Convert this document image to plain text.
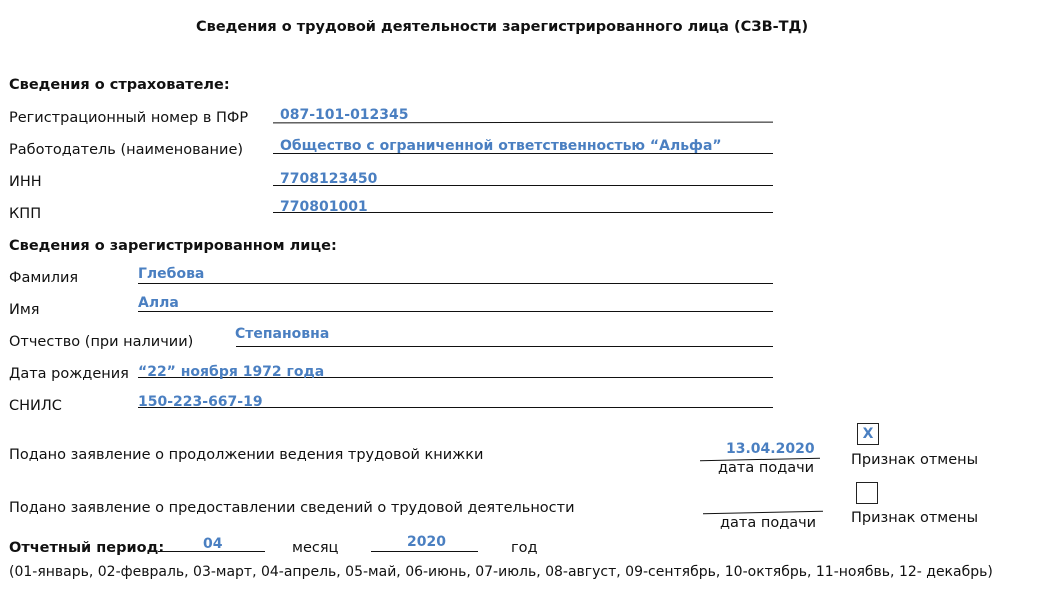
Сведения о трудовой деятельности зарегистрированного лица (СЗВ-ТД)
Сведения о страхователе:
Регистрационный номер в ПФР 087-101-012345
Работодатель (наименование)	Общество с ограниченной ответственностью “Альфа”
ИНН	7708123450
КПП	770801001
Сведения о зарегистрированном лице:
Фамилия	Глебова
Имя	Алла
Отчество (при наличии)	Степановна
Дата рождения “22” ноября 1972 года
СНИЛС	150-223-667-19
Подано заявление о продолжении ведения трудовой книжки	13.04.2020
дата подачи
X
Признак отмены
Подано заявление о предоставлении сведений о трудовой деятельности
дата подачи Признак отмены
Отчетный период:	04	месяц	2020	год
(01-январь, 02-февраль, 03-март, 04-апрель, 05-май, 06-июнь, 07-июль, 08-август, 09-сентябрь, 10-октябрь, 11-ноябвь, 12- декабрь)
